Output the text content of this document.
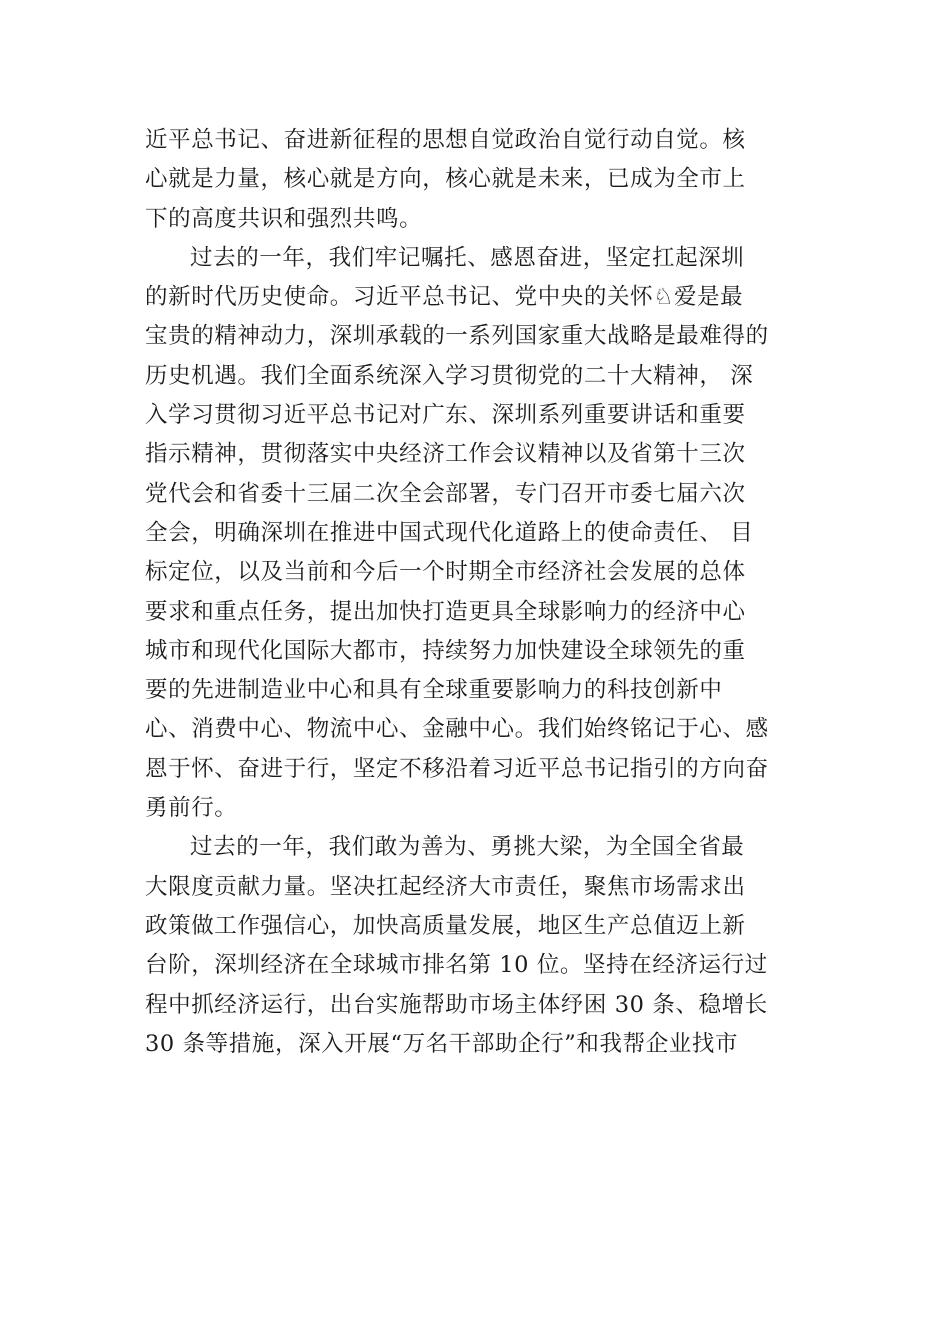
近平总书记、奋进新征程的思想自觉政治自觉行动自觉。核
心就是力量，核心就是方向，核心就是未来，已成为全市上
下的高度共识和强烈共鸣。
过去的一年，我们牢记嘱托、感恩奋进，坚定扛起深圳
的新时代历史使命。习近平总书记、党中央的关怀♘爱是最
宝贵的精神动力，深圳承载的一系列国家重大战略是最难得的
历史机遇。我们全面系统深入学习贯彻党的二十大精神， 深
入学习贯彻习近平总书记对广东、深圳系列重要讲话和重要
指示精神，贯彻落实中央经济工作会议精神以及省第十三次
党代会和省委十三届二次全会部署，专门召开市委七届六次
全会，明确深圳在推进中国式现代化道路上的使命责任、 目
标定位，以及当前和今后一个时期全市经济社会发展的总体
要求和重点任务，提出加快打造更具全球影响力的经济中心
城市和现代化国际大都市，持续努力加快建设全球领先的重
要的先进制造业中心和具有全球重要影响力的科技创新中
心、消费中心、物流中心、金融中心。我们始终铭记于心、感
恩于怀、奋进于行，坚定不移沿着习近平总书记指引的方向奋
勇前行。
过去的一年，我们敢为善为、勇挑大梁，为全国全省最
大限度贡献力量。坚决扛起经济大市责任，聚焦市场需求出
政策做工作强信心，加快高质量发展，地区生产总值迈上新
台阶，深圳经济在全球城市排名第 10 位。坚持在经济运行过
程中抓经济运行，出台实施帮助市场主体纾困 30 条、稳增长
30 条等措施，深入开展“万名干部助企行”和我帮企业找市
